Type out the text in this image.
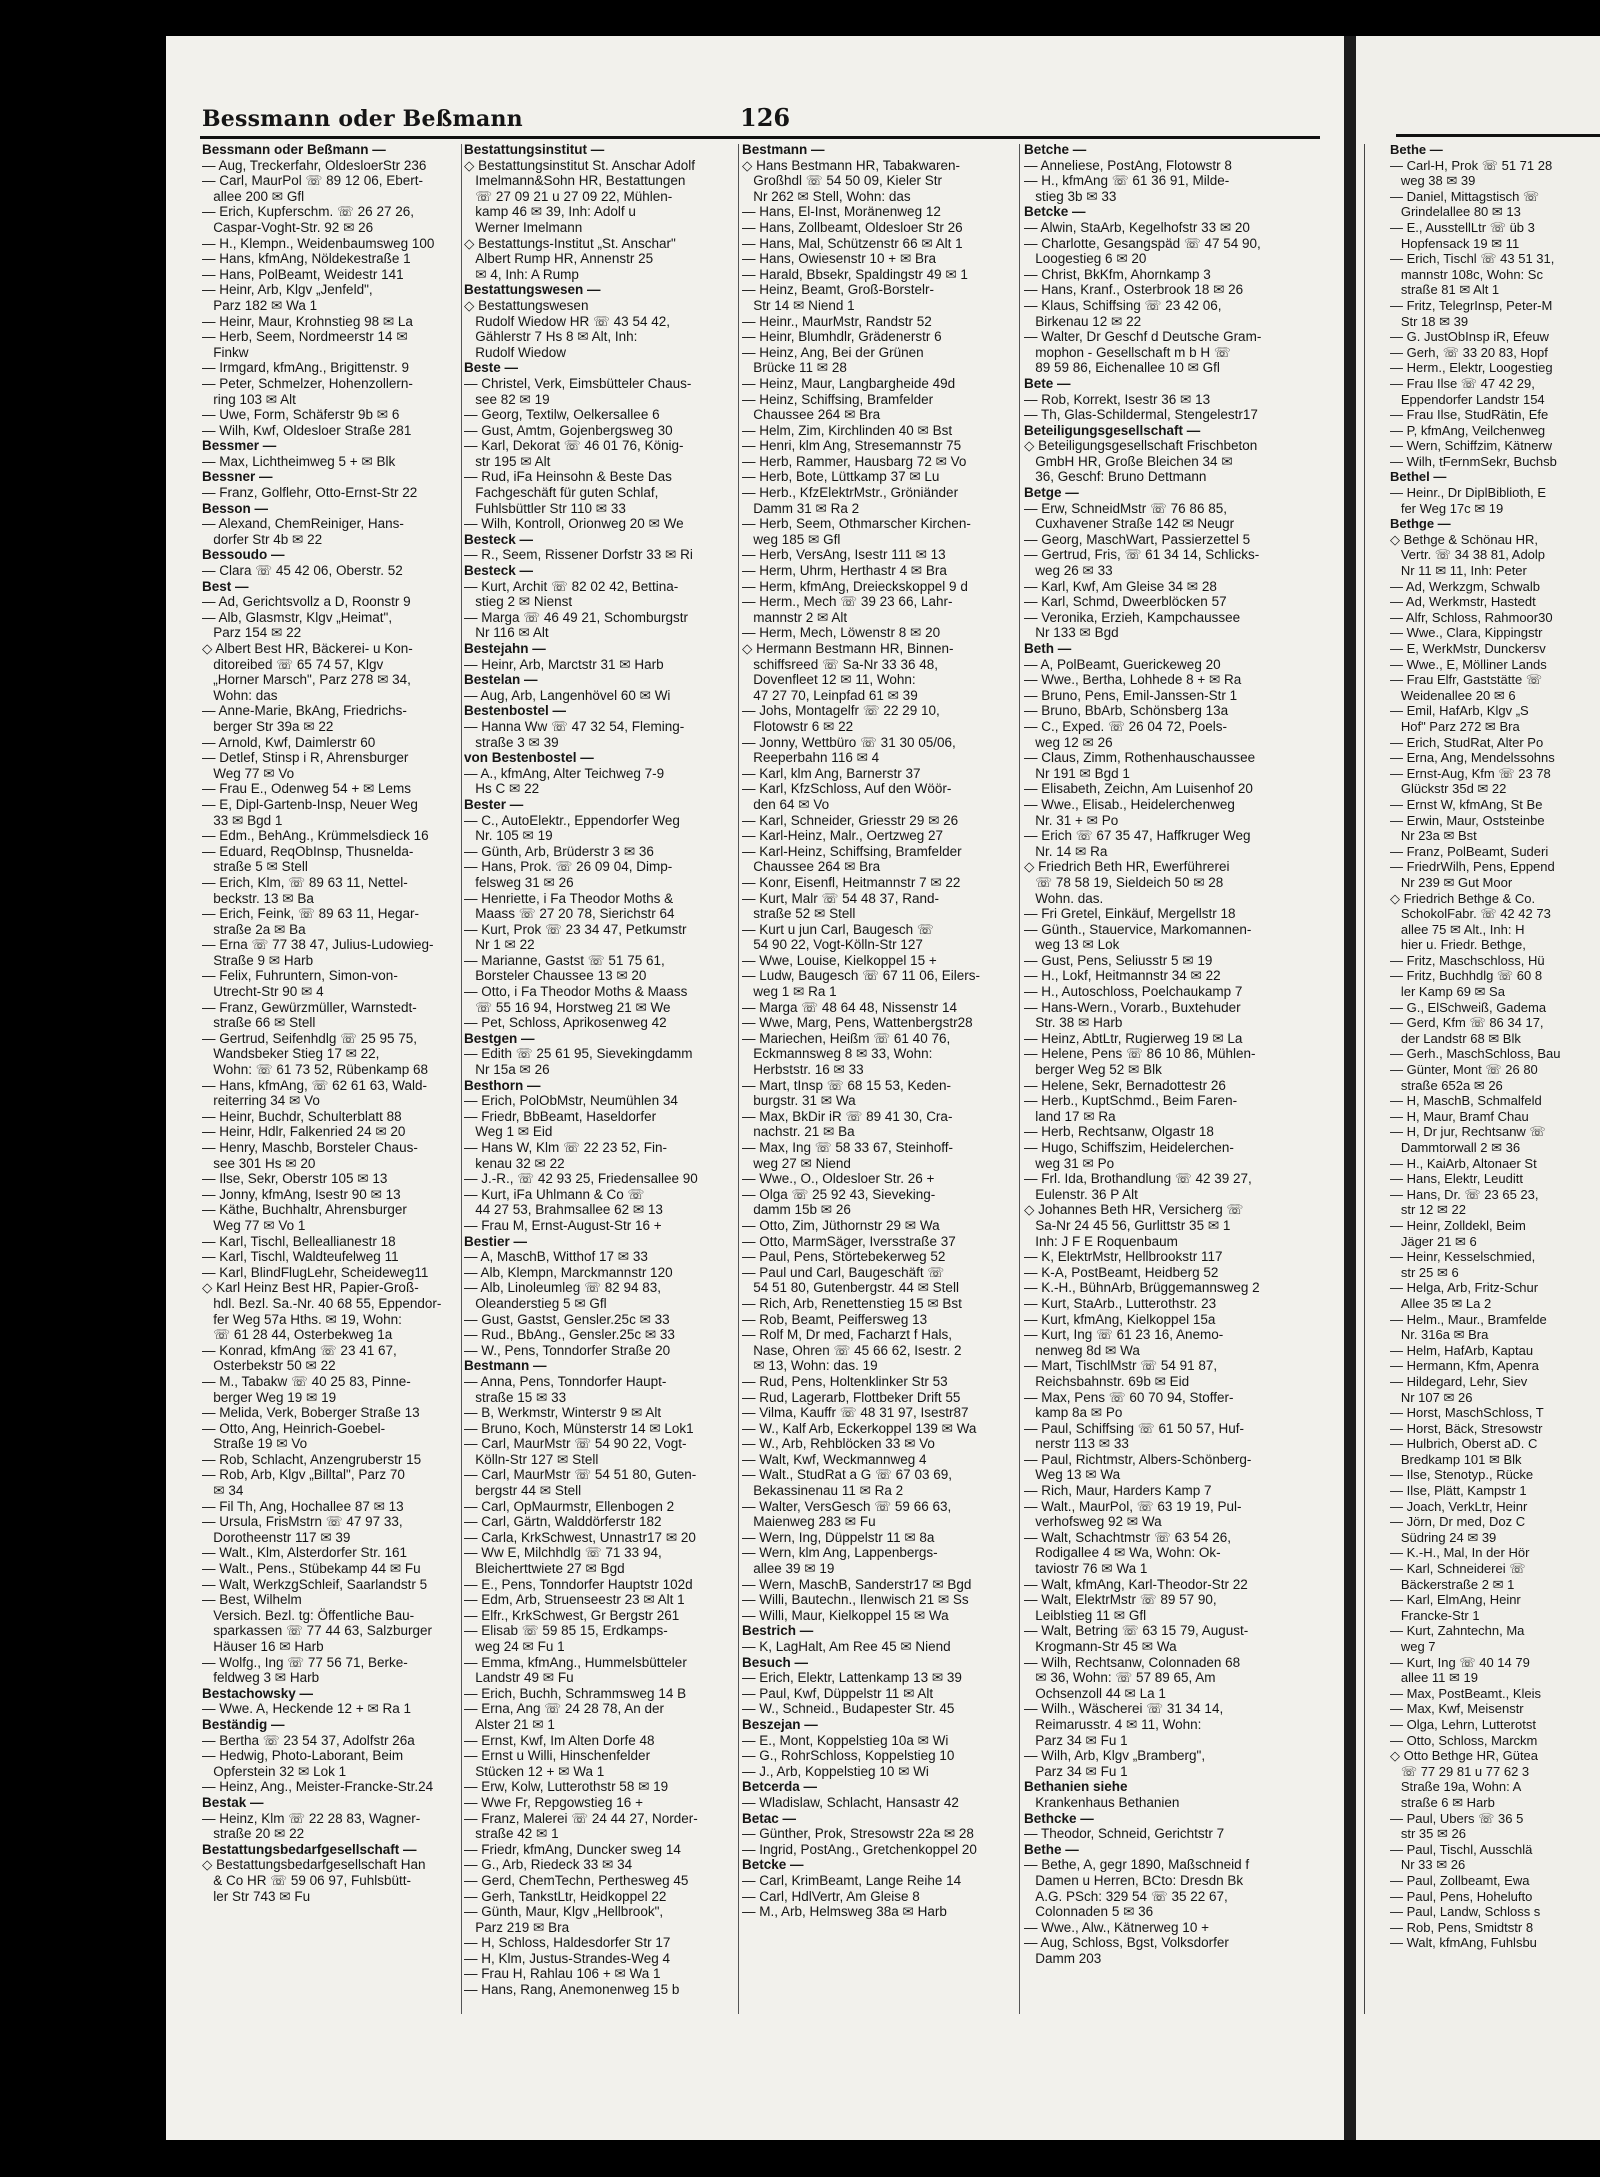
Bessmann oder Beßmann	126
Bessmann oder Beßmann —
— Aug, Treckerfahr, OldesloerStr 236
— Carl, MaurPol ☏ 89 12 06, Ebert-
allee 200 ✉ Gfl
— Erich, Kupferschm. ☏ 26 27 26,
Caspar-Voght-Str. 92 ✉ 26
— H., Klempn., Weidenbaumsweg 100
— Hans, kfmAng, Nöldekestraße 1
— Hans, PolBeamt, Weidestr 141
— Heinr, Arb, Klgv „Jenfeld",
Parz 182 ✉ Wa 1
— Heinr, Maur, Krohnstieg 98 ✉ La
— Herb, Seem, Nordmeerstr 14 ✉
Finkw
— Irmgard, kfmAng., Brigittenstr. 9
— Peter, Schmelzer, Hohenzollern-
ring 103 ✉ Alt
— Uwe, Form, Schäferstr 9b ✉ 6
— Wilh, Kwf, Oldesloer Straße 281
Bessmer —
— Max, Lichtheimweg 5 + ✉ Blk
Bessner —
— Franz, Golflehr, Otto-Ernst-Str 22
Besson —
— Alexand, ChemReiniger, Hans-
dorfer Str 4b ✉ 22
Bessoudo —
— Clara ☏ 45 42 06, Oberstr. 52
Best —
— Ad, Gerichtsvollz a D, Roonstr 9
— Alb, Glasmstr, Klgv „Heimat",
Parz 154 ✉ 22
◇ Albert Best HR, Bäckerei- u Kon-
ditoreibed ☏ 65 74 57, Klgv
„Horner Marsch", Parz 278 ✉ 34,
Wohn: das
— Anne-Marie, BkAng, Friedrichs-
berger Str 39a ✉ 22
— Arnold, Kwf, Daimlerstr 60
— Detlef, Stinsp i R, Ahrensburger
Weg 77 ✉ Vo
— Frau E., Odenweg 54 + ✉ Lems
— E, Dipl-Gartenb-Insp, Neuer Weg
33 ✉ Bgd 1
— Edm., BehAng., Krümmelsdieck 16
— Eduard, ReqObInsp, Thusnelda-
straße 5 ✉ Stell
— Erich, Klm, ☏ 89 63 11, Nettel-
beckstr. 13 ✉ Ba
— Erich, Feink, ☏ 89 63 11, Hegar-
straße 2a ✉ Ba
— Erna ☏ 77 38 47, Julius-Ludowieg-
Straße 9 ✉ Harb
— Felix, Fuhruntern, Simon-von-
Utrecht-Str 90 ✉ 4
— Franz, Gewürzmüller, Warnstedt-
straße 66 ✉ Stell
— Gertrud, Seifenhdlg ☏ 25 95 75,
Wandsbeker Stieg 17 ✉ 22,
Wohn: ☏ 61 73 52, Rübenkamp 68
— Hans, kfmAng, ☏ 62 61 63, Wald-
reiterring 34 ✉ Vo
— Heinr, Buchdr, Schulterblatt 88
— Heinr, Hdlr, Falkenried 24 ✉ 20
— Henry, Maschb, Borsteler Chaus-
see 301 Hs ✉ 20
— Ilse, Sekr, Oberstr 105 ✉ 13
— Jonny, kfmAng, Isestr 90 ✉ 13
— Käthe, Buchhaltr, Ahrensburger
Weg 77 ✉ Vo 1
— Karl, Tischl, Belleallianestr 18
— Karl, Tischl, Waldteufelweg 11
— Karl, BlindFlugLehr, Scheideweg11
◇ Karl Heinz Best HR, Papier-Groß-
hdl. Bezl. Sa.-Nr. 40 68 55, Eppendor-
fer Weg 57a Hths. ✉ 19, Wohn:
☏ 61 28 44, Osterbekweg 1a
— Konrad, kfmAng ☏ 23 41 67,
Osterbekstr 50 ✉ 22
— M., Tabakw ☏ 40 25 83, Pinne-
berger Weg 19 ✉ 19
— Melida, Verk, Boberger Straße 13
— Otto, Ang, Heinrich-Goebel-
Straße 19 ✉ Vo
— Rob, Schlacht, Anzengruberstr 15
— Rob, Arb, Klgv „Billtal", Parz 70
✉ 34
— Fil Th, Ang, Hochallee 87 ✉ 13
— Ursula, FrisMstrn ☏ 47 97 33,
Dorotheenstr 117 ✉ 39
— Walt., Klm, Alsterdorfer Str. 161
— Walt., Pens., Stübekamp 44 ✉ Fu
— Walt, WerkzgSchleif, Saarlandstr 5
— Best, Wilhelm
Versich. Bezl. tg: Öffentliche Bau-
sparkassen ☏ 77 44 63, Salzburger
Häuser 16 ✉ Harb
— Wolfg., Ing ☏ 77 56 71, Berke-
feldweg 3 ✉ Harb
Bestachowsky —
— Wwe. A, Heckende 12 + ✉ Ra 1
Beständig —
— Bertha ☏ 23 54 37, Adolfstr 26a
— Hedwig, Photo-Laborant, Beim
Opferstein 32 ✉ Lok 1
— Heinz, Ang., Meister-Francke-Str.24
Bestak —
— Heinz, Klm ☏ 22 28 83, Wagner-
straße 20 ✉ 22
Bestattungsbedarfgesellschaft —
◇ Bestattungsbedarfgesellschaft Han
& Co HR ☏ 59 06 97, Fuhlsbütt-
ler Str 743 ✉ Fu
Bestattungsinstitut —
◇ Bestattungsinstitut St. Anschar Adolf
Imelmann&Sohn HR, Bestattungen
☏ 27 09 21 u 27 09 22, Mühlen-
kamp 46 ✉ 39, Inh: Adolf u
Werner Imelmann
◇ Bestattungs-Institut „St. Anschar"
Albert Rump HR, Annenstr 25
✉ 4, Inh: A Rump
Bestattungswesen —
◇ Bestattungswesen
Rudolf Wiedow HR ☏ 43 54 42,
Gählerstr 7 Hs 8 ✉ Alt, Inh:
Rudolf Wiedow
Beste —
— Christel, Verk, Eimsbütteler Chaus-
see 82 ✉ 19
— Georg, Textilw, Oelkersallee 6
— Gust, Amtm, Gojenbergsweg 30
— Karl, Dekorat ☏ 46 01 76, König-
str 195 ✉ Alt
— Rud, iFa Heinsohn & Beste Das
Fachgeschäft für guten Schlaf,
Fuhlsbüttler Str 110 ✉ 33
— Wilh, Kontroll, Orionweg 20 ✉ We
Besteck —
— R., Seem, Rissener Dorfstr 33 ✉ Ri
Besteck —
— Kurt, Archit ☏ 82 02 42, Bettina-
stieg 2 ✉ Nienst
— Marga ☏ 46 49 21, Schomburgstr
Nr 116 ✉ Alt
Bestejahn —
— Heinr, Arb, Marctstr 31 ✉ Harb
Bestelan —
— Aug, Arb, Langenhövel 60 ✉ Wi
Bestenbostel —
— Hanna Ww ☏ 47 32 54, Fleming-
straße 3 ✉ 39
von Bestenbostel —
— A., kfmAng, Alter Teichweg 7-9
Hs C ✉ 22
Bester —
— C., AutoElektr., Eppendorfer Weg
Nr. 105 ✉ 19
— Günth, Arb, Brüderstr 3 ✉ 36
— Hans, Prok. ☏ 26 09 04, Dimp-
felsweg 31 ✉ 26
— Henriette, i Fa Theodor Moths &
Maass ☏ 27 20 78, Sierichstr 64
— Kurt, Prok ☏ 23 34 47, Petkumstr
Nr 1 ✉ 22
— Marianne, Gastst ☏ 51 75 61,
Borsteler Chaussee 13 ✉ 20
— Otto, i Fa Theodor Moths & Maass
☏ 55 16 94, Horstweg 21 ✉ We
— Pet, Schloss, Aprikosenweg 42
Bestgen —
— Edith ☏ 25 61 95, Sievekingdamm
Nr 15a ✉ 26
Besthorn —
— Erich, PolObMstr, Neumühlen 34
— Friedr, BbBeamt, Haseldorfer
Weg 1 ✉ Eid
— Hans W, Klm ☏ 22 23 52, Fin-
kenau 32 ✉ 22
— J.-R., ☏ 42 93 25, Friedensallee 90
— Kurt, iFa Uhlmann & Co ☏
44 27 53, Brahmsallee 62 ✉ 13
— Frau M, Ernst-August-Str 16 +
Bestier —
— A, MaschB, Witthof 17 ✉ 33
— Alb, Klempn, Marckmannstr 120
— Alb, Linoleumleg ☏ 82 94 83,
Oleanderstieg 5 ✉ Gfl
— Gust, Gastst, Gensler.25c ✉ 33
— Rud., BbAng., Gensler.25c ✉ 33
— W., Pens, Tonndorfer Straße 20
Bestmann —
— Anna, Pens, Tonndorfer Haupt-
straße 15 ✉ 33
— B, Werkmstr, Winterstr 9 ✉ Alt
— Bruno, Koch, Münsterstr 14 ✉ Lok1
— Carl, MaurMstr ☏ 54 90 22, Vogt-
Kölln-Str 127 ✉ Stell
— Carl, MaurMstr ☏ 54 51 80, Guten-
bergstr 44 ✉ Stell
— Carl, OpMaurmstr, Ellenbogen 2
— Carl, Gärtn, Walddörferstr 182
— Carla, KrkSchwest, Unnastr17 ✉ 20
— Ww E, Milchhdlg ☏ 71 33 94,
Bleicherttwiete 27 ✉ Bgd
— E., Pens, Tonndorfer Hauptstr 102d
— Edm, Arb, Struenseestr 23 ✉ Alt 1
— Elfr., KrkSchwest, Gr Bergstr 261
— Elisab ☏ 59 85 15, Erdkamps-
weg 24 ✉ Fu 1
— Emma, kfmAng., Hummelsbütteler
Landstr 49 ✉ Fu
— Erich, Buchh, Schrammsweg 14 B
— Erna, Ang ☏ 24 28 78, An der
Alster 21 ✉ 1
— Ernst, Kwf, Im Alten Dorfe 48
— Ernst u Willi, Hinschenfelder
Stücken 12 + ✉ Wa 1
— Erw, Kolw, Lutterothstr 58 ✉ 19
— Wwe Fr, Repgowstieg 16 +
— Franz, Malerei ☏ 24 44 27, Norder-
straße 42 ✉ 1
— Friedr, kfmAng, Duncker sweg 14
— G., Arb, Riedeck 33 ✉ 34
— Gerd, ChemTechn, Perthesweg 45
— Gerh, TankstLtr, Heidkoppel 22
— Günth, Maur, Klgv „Hellbrook",
Parz 219 ✉ Bra
— H, Schloss, Haldesdorfer Str 17
— H, Klm, Justus-Strandes-Weg 4
— Frau H, Rahlau 106 + ✉ Wa 1
— Hans, Rang, Anemonenweg 15 b
Bestmann —
◇ Hans Bestmann HR, Tabakwaren-
Großhdl ☏ 54 50 09, Kieler Str
Nr 262 ✉ Stell, Wohn: das
— Hans, El-Inst, Moränenweg 12
— Hans, Zollbeamt, Oldesloer Str 26
— Hans, Mal, Schützenstr 66 ✉ Alt 1
— Hans, Owiesenstr 10 + ✉ Bra
— Harald, Bbsekr, Spaldingstr 49 ✉ 1
— Heinz, Beamt, Groß-Borstelr-
Str 14 ✉ Niend 1
— Heinr., MaurMstr, Randstr 52
— Heinr, Blumhdlr, Grädenerstr 6
— Heinz, Ang, Bei der Grünen
Brücke 11 ✉ 28
— Heinz, Maur, Langbargheide 49d
— Heinz, Schiffsing, Bramfelder
Chaussee 264 ✉ Bra
— Helm, Zim, Kirchlinden 40 ✉ Bst
— Henri, klm Ang, Stresemannstr 75
— Herb, Rammer, Hausbarg 72 ✉ Vo
— Herb, Bote, Lüttkamp 37 ✉ Lu
— Herb., KfzElektrMstr., Gröniänder
Damm 31 ✉ Ra 2
— Herb, Seem, Othmarscher Kirchen-
weg 185 ✉ Gfl
— Herb, VersAng, Isestr 111 ✉ 13
— Herm, Uhrm, Herthastr 4 ✉ Bra
— Herm, kfmAng, Dreieckskoppel 9 d
— Herm., Mech ☏ 39 23 66, Lahr-
mannstr 2 ✉ Alt
— Herm, Mech, Löwenstr 8 ✉ 20
◇ Hermann Bestmann HR, Binnen-
schiffsreed ☏ Sa-Nr 33 36 48,
Dovenfleet 12 ✉ 11, Wohn:
47 27 70, Leinpfad 61 ✉ 39
— Johs, Montagelfr ☏ 22 29 10,
Flotowstr 6 ✉ 22
— Jonny, Wettbüro ☏ 31 30 05/06,
Reeperbahn 116 ✉ 4
— Karl, klm Ang, Barnerstr 37
— Karl, KfzSchloss, Auf den Wöör-
den 64 ✉ Vo
— Karl, Schneider, Griesstr 29 ✉ 26
— Karl-Heinz, Malr., Oertzweg 27
— Karl-Heinz, Schiffsing, Bramfelder
Chaussee 264 ✉ Bra
— Konr, Eisenfl, Heitmannstr 7 ✉ 22
— Kurt, Malr ☏ 54 48 37, Rand-
straße 52 ✉ Stell
— Kurt u jun Carl, Baugesch ☏
54 90 22, Vogt-Kölln-Str 127
— Wwe, Louise, Kielkoppel 15 +
— Ludw, Baugesch ☏ 67 11 06, Eilers-
weg 1 ✉ Ra 1
— Marga ☏ 48 64 48, Nissenstr 14
— Wwe, Marg, Pens, Wattenbergstr28
— Mariechen, Heißm ☏ 61 40 76,
Eckmannsweg 8 ✉ 33, Wohn:
Herbststr. 16 ✉ 33
— Mart, tInsp ☏ 68 15 53, Keden-
burgstr. 31 ✉ Wa
— Max, BkDir iR ☏ 89 41 30, Cra-
nachstr. 21 ✉ Ba
— Max, Ing ☏ 58 33 67, Steinhoff-
weg 27 ✉ Niend
— Wwe., O., Oldesloer Str. 26 +
— Olga ☏ 25 92 43, Sieveking-
damm 15b ✉ 26
— Otto, Zim, Jüthornstr 29 ✉ Wa
— Otto, MarmSäger, Iversstraße 37
— Paul, Pens, Störtebekerweg 52
— Paul und Carl, Baugeschäft ☏
54 51 80, Gutenbergstr. 44 ✉ Stell
— Rich, Arb, Renettenstieg 15 ✉ Bst
— Rob, Beamt, Peiffersweg 13
— Rolf M, Dr med, Facharzt f Hals,
Nase, Ohren ☏ 45 66 62, Isestr. 2
✉ 13, Wohn: das. 19
— Rud, Pens, Holtenklinker Str 53
— Rud, Lagerarb, Flottbeker Drift 55
— Vilma, Kauffr ☏ 48 31 97, Isestr87
— W., Kalf Arb, Eckerkoppel 139 ✉ Wa
— W., Arb, Rehblöcken 33 ✉ Vo
— Walt, Kwf, Weckmannweg 4
— Walt., StudRat a G ☏ 67 03 69,
Bekassinenau 11 ✉ Ra 2
— Walter, VersGesch ☏ 59 66 63,
Maienweg 283 ✉ Fu
— Wern, Ing, Düppelstr 11 ✉ 8a
— Wern, klm Ang, Lappenbergs-
allee 39 ✉ 19
— Wern, MaschB, Sanderstr17 ✉ Bgd
— Willi, Bautechn., Ilenwisch 21 ✉ Ss
— Willi, Maur, Kielkoppel 15 ✉ Wa
Bestrich —
— K, LagHalt, Am Ree 45 ✉ Niend
Besuch —
— Erich, Elektr, Lattenkamp 13 ✉ 39
— Paul, Kwf, Düppelstr 11 ✉ Alt
— W., Schneid., Budapester Str. 45
Beszejan —
— E., Mont, Koppelstieg 10a ✉ Wi
— G., RohrSchloss, Koppelstieg 10
— J., Arb, Koppelstieg 10 ✉ Wi
Betcerda —
— Wladislaw, Schlacht, Hansastr 42
Betac —
— Günther, Prok, Stresowstr 22a ✉ 28
— Ingrid, PostAng., Gretchenkoppel 20
Betcke —
— Carl, KrimBeamt, Lange Reihe 14
— Carl, HdlVertr, Am Gleise 8
— M., Arb, Helmsweg 38a ✉ Harb
Betche —
— Anneliese, PostAng, Flotowstr 8
— H., kfmAng ☏ 61 36 91, Milde-
stieg 3b ✉ 33
Betcke —
— Alwin, StaArb, Kegelhofstr 33 ✉ 20
— Charlotte, Gesangspäd ☏ 47 54 90,
Loogestieg 6 ✉ 20
— Christ, BkKfm, Ahornkamp 3
— Hans, Kranf., Osterbrook 18 ✉ 26
— Klaus, Schiffsing ☏ 23 42 06,
Birkenau 12 ✉ 22
— Walter, Dr Geschf d Deutsche Gram-
mophon - Gesellschaft m b H ☏
89 59 86, Eichenallee 10 ✉ Gfl
Bete —
— Rob, Korrekt, Isestr 36 ✉ 13
— Th, Glas-Schildermal, Stengelestr17
Beteiligungsgesellschaft —
◇ Beteiligungsgesellschaft Frischbeton
GmbH HR, Große Bleichen 34 ✉
36, Geschf: Bruno Dettmann
Betge —
— Erw, SchneidMstr ☏ 76 86 85,
Cuxhavener Straße 142 ✉ Neugr
— Georg, MaschWart, Passierzettel 5
— Gertrud, Fris, ☏ 61 34 14, Schlicks-
weg 26 ✉ 33
— Karl, Kwf, Am Gleise 34 ✉ 28
— Karl, Schmd, Dweerblöcken 57
— Veronika, Erzieh, Kampchaussee
Nr 133 ✉ Bgd
Beth —
— A, PolBeamt, Guerickeweg 20
— Wwe., Bertha, Lohhede 8 + ✉ Ra
— Bruno, Pens, Emil-Janssen-Str 1
— Bruno, BbArb, Schönsberg 13a
— C., Exped. ☏ 26 04 72, Poels-
weg 12 ✉ 26
— Claus, Zimm, Rothenhauschaussee
Nr 191 ✉ Bgd 1
— Elisabeth, Zeichn, Am Luisenhof 20
— Wwe., Elisab., Heidelerchenweg
Nr. 31 + ✉ Po
— Erich ☏ 67 35 47, Haffkruger Weg
Nr. 14 ✉ Ra
◇ Friedrich Beth HR, Ewerführerei
☏ 78 58 19, Sieldeich 50 ✉ 28
Wohn. das.
— Fri Gretel, Einkäuf, Mergellstr 18
— Günth., Stauervice, Markomannen-
weg 13 ✉ Lok
— Gust, Pens, Seliusstr 5 ✉ 19
— H., Lokf, Heitmannstr 34 ✉ 22
— H., Autoschloss, Poelchaukamp 7
— Hans-Wern., Vorarb., Buxtehuder
Str. 38 ✉ Harb
— Heinz, AbtLtr, Rugierweg 19 ✉ La
— Helene, Pens ☏ 86 10 86, Mühlen-
berger Weg 52 ✉ Blk
— Helene, Sekr, Bernadottestr 26
— Herb., KuptSchmd., Beim Faren-
land 17 ✉ Ra
— Herb, Rechtsanw, Olgastr 18
— Hugo, Schiffszim, Heidelerchen-
weg 31 ✉ Po
— Frl. Ida, Brothandlung ☏ 42 39 27,
Eulenstr. 36 P Alt
◇ Johannes Beth HR, Versicherg ☏
Sa-Nr 24 45 56, Gurlittstr 35 ✉ 1
Inh: J F E Roquenbaum
— K, ElektrMstr, Hellbrookstr 117
— K-A, PostBeamt, Heidberg 52
— K.-H., BühnArb, Brüggemannsweg 2
— Kurt, StaArb., Lutterothstr. 23
— Kurt, kfmAng, Kielkoppel 15a
— Kurt, Ing ☏ 61 23 16, Anemo-
nenweg 8d ✉ Wa
— Mart, TischlMstr ☏ 54 91 87,
Reichsbahnstr. 69b ✉ Eid
— Max, Pens ☏ 60 70 94, Stoffer-
kamp 8a ✉ Po
— Paul, Schiffsing ☏ 61 50 57, Huf-
nerstr 113 ✉ 33
— Paul, Richtmstr, Albers-Schönberg-
Weg 13 ✉ Wa
— Rich, Maur, Harders Kamp 7
— Walt., MaurPol, ☏ 63 19 19, Pul-
verhofsweg 92 ✉ Wa
— Walt, Schachtmstr ☏ 63 54 26,
Rodigallee 4 ✉ Wa, Wohn: Ok-
taviostr 76 ✉ Wa 1
— Walt, kfmAng, Karl-Theodor-Str 22
— Walt, ElektrMstr ☏ 89 57 90,
Leiblstieg 11 ✉ Gfl
— Walt, Betring ☏ 63 15 79, August-
Krogmann-Str 45 ✉ Wa
— Wilh, Rechtsanw, Colonnaden 68
✉ 36, Wohn: ☏ 57 89 65, Am
Ochsenzoll 44 ✉ La 1
— Wilh., Wäscherei ☏ 31 34 14,
Reimarusstr. 4 ✉ 11, Wohn:
Parz 34 ✉ Fu 1
— Wilh, Arb, Klgv „Bramberg",
Parz 34 ✉ Fu 1
Bethanien siehe
Krankenhaus Bethanien
Bethcke —
— Theodor, Schneid, Gerichtstr 7
Bethe —
— Bethe, A, gegr 1890, Maßschneid f
Damen u Herren, BCto: Dresdn Bk
A.G. PSch: 329 54 ☏ 35 22 67,
Colonnaden 5 ✉ 36
— Wwe., Alw., Kätnerweg 10 +
— Aug, Schloss, Bgst, Volksdorfer
Damm 203
Bethe —
— Carl-H, Prok ☏ 51 71 28
weg 38 ✉ 39
— Daniel, Mittagstisch ☏
Grindelallee 80 ✉ 13
— E., AusstellLtr ☏ üb 3
Hopfensack 19 ✉ 11
— Erich, Tischl ☏ 43 51 31,
mannstr 108c, Wohn: Sc
straße 81 ✉ Alt 1
— Fritz, TelegrInsp, Peter-M
Str 18 ✉ 39
— G. JustObInsp iR, Efeuw
— Gerh, ☏ 33 20 83, Hopf
— Herm., Elektr, Loogestieg
— Frau Ilse ☏ 47 42 29,
Eppendorfer Landstr 154
— Frau Ilse, StudRätin, Efe
— P, kfmAng, Veilchenweg
— Wern, Schiffzim, Kätnerw
— Wilh, tFernmSekr, Buchsb
Bethel —
— Heinr., Dr DiplBiblioth, E
fer Weg 17c ✉ 19
Bethge —
◇ Bethge & Schönau HR,
Vertr. ☏ 34 38 81, Adolp
Nr 11 ✉ 11, Inh: Peter
— Ad, Werkzgm, Schwalb
— Ad, Werkmstr, Hastedt
— Alfr, Schloss, Rahmoor30
— Wwe., Clara, Kippingstr
— E, WerkMstr, Dunckersv
— Wwe., E, Mölliner Lands
— Frau Elfr, Gaststätte ☏
Weidenallee 20 ✉ 6
— Emil, HafArb, Klgv „S
Hof" Parz 272 ✉ Bra
— Erich, StudRat, Alter Po
— Erna, Ang, Mendelssohns
— Ernst-Aug, Kfm ☏ 23 78
Glückstr 35d ✉ 22
— Ernst W, kfmAng, St Be
— Erwin, Maur, Oststeinbe
Nr 23a ✉ Bst
— Franz, PolBeamt, Suderi
— FriedrWilh, Pens, Eppend
Nr 239 ✉ Gut Moor
◇ Friedrich Bethge & Co.
SchokolFabr. ☏ 42 42 73
allee 75 ✉ Alt., Inh: H
hier u. Friedr. Bethge,
— Fritz, Maschschloss, Hü
— Fritz, Buchhdlg ☏ 60 8
ler Kamp 69 ✉ Sa
— G., ElSchweiß, Gadema
— Gerd, Kfm ☏ 86 34 17,
der Landstr 68 ✉ Blk
— Gerh., MaschSchloss, Bau
— Günter, Mont ☏ 26 80
straße 652a ✉ 26
— H, MaschB, Schmalfeld
— H, Maur, Bramf Chau
— H, Dr jur, Rechtsanw ☏
Dammtorwall 2 ✉ 36
— H., KaiArb, Altonaer St
— Hans, Elektr, Leuditt
— Hans, Dr. ☏ 23 65 23,
str 12 ✉ 22
— Heinr, Zolldekl, Beim
Jäger 21 ✉ 6
— Heinr, Kesselschmied,
str 25 ✉ 6
— Helga, Arb, Fritz-Schur
Allee 35 ✉ La 2
— Helm., Maur., Bramfelde
Nr. 316a ✉ Bra
— Helm, HafArb, Kaptau
— Hermann, Kfm, Apenra
— Hildegard, Lehr, Siev
Nr 107 ✉ 26
— Horst, MaschSchloss, T
— Horst, Bäck, Stresowstr
— Hulbrich, Oberst aD. C
Bredkamp 101 ✉ Blk
— Ilse, Stenotyp., Rücke
— Ilse, Plätt, Kampstr 1
— Joach, VerkLtr, Heinr
— Jörn, Dr med, Doz C
Südring 24 ✉ 39
— K.-H., Mal, In der Hör
— Karl, Schneiderei ☏
Bäckerstraße 2 ✉ 1
— Karl, ElmAng, Heinr
Francke-Str 1
— Kurt, Zahntechn, Ma
weg 7
— Kurt, Ing ☏ 40 14 79
allee 11 ✉ 19
— Max, PostBeamt., Kleis
— Max, Kwf, Meisenstr
— Olga, Lehrn, Lutterotst
— Otto, Schloss, Marckm
◇ Otto Bethge HR, Gütea
☏ 77 29 81 u 77 62 3
Straße 19a, Wohn: A
straße 6 ✉ Harb
— Paul, Ubers ☏ 36 5
str 35 ✉ 26
— Paul, Tischl, Ausschlä
Nr 33 ✉ 26
— Paul, Zollbeamt, Ewa
— Paul, Pens, Hohelufto
— Paul, Landw, Schloss s
— Rob, Pens, Smidtstr 8
— Walt, kfmAng, Fuhlsbu
